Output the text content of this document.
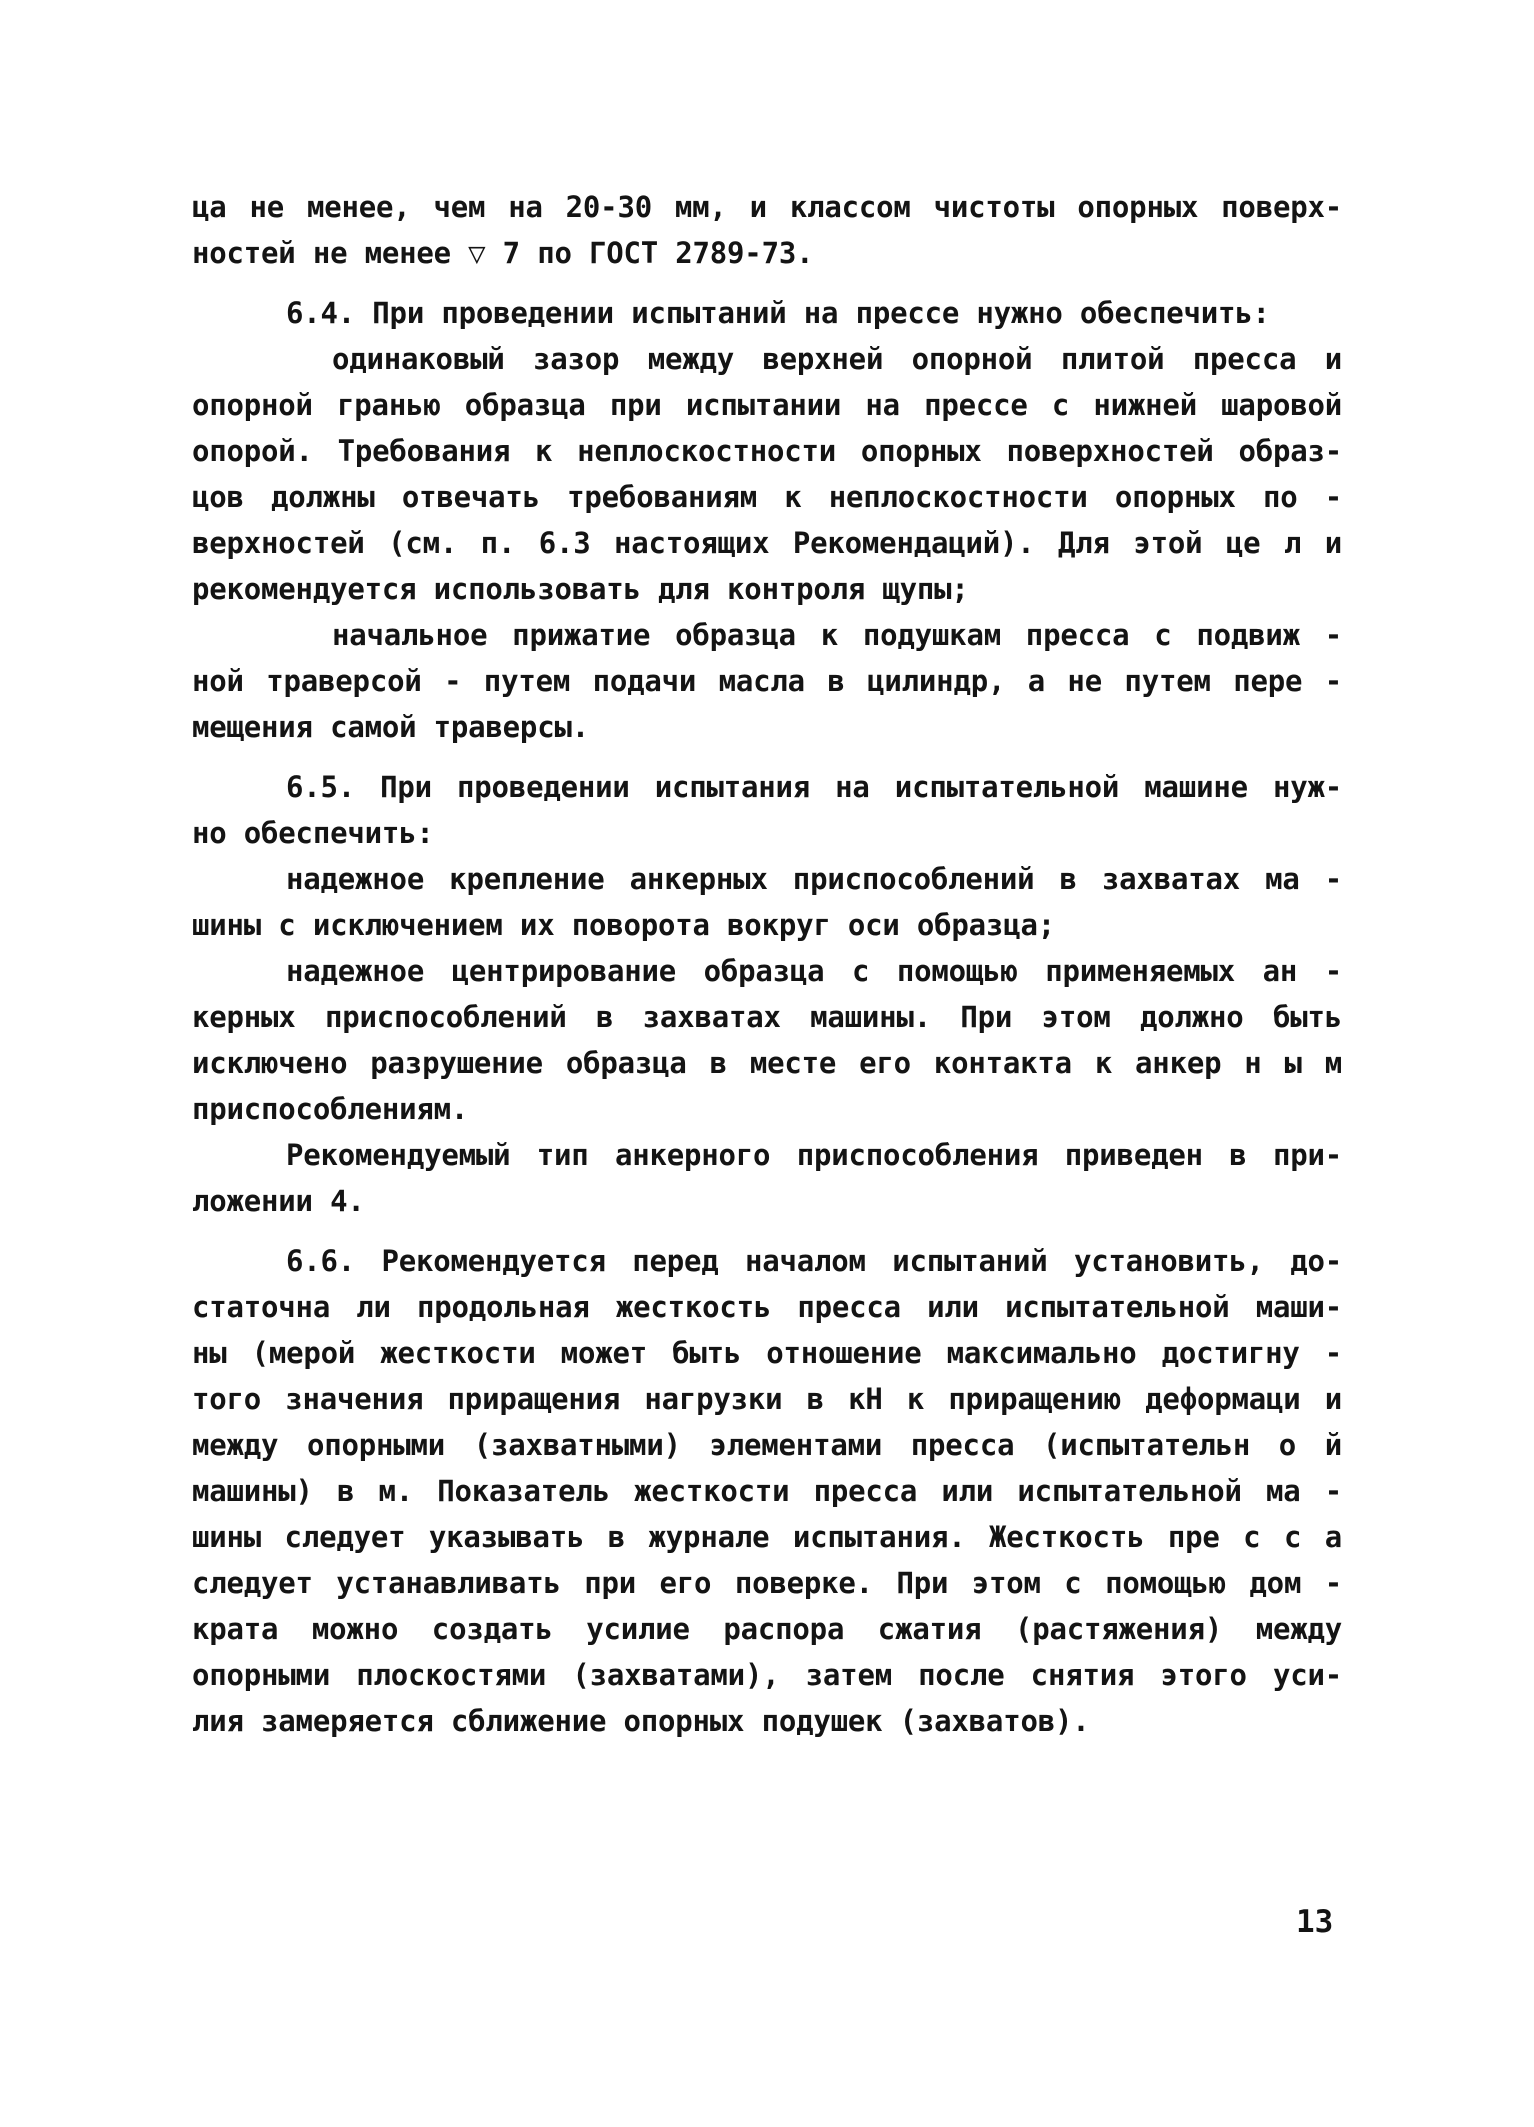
ца не менее, чем на 20-30 мм, и классом чистоты опорных поверх-
ностей не менее ▽ 7 по ГОСТ 2789-73.
6.4. При проведении испытаний на прессе нужно обеспечить:
одинаковый зазор между верхней опорной плитой пресса и
опорной гранью образца при испытании на прессе с нижней шаровой
опорой. Требования к неплоскостности опорных поверхностей образ-
цов должны отвечать требованиям к неплоскостности опорных по -
верхностей (см. п. 6.3 настоящих Рекомендаций). Для этой це л и
рекомендуется использовать для контроля щупы;
начальное прижатие образца к подушкам пресса с подвиж -
ной траверсой - путем подачи масла в цилиндр, а не путем пере -
мещения самой траверсы.
6.5. При проведении испытания на испытательной машине нуж-
но обеспечить:
надежное крепление анкерных приспособлений в захватах ма -
шины с исключением их поворота вокруг оси образца;
надежное центрирование образца с помощью применяемых ан -
керных приспособлений в захватах машины. При этом должно быть
исключено разрушение образца в месте его контакта к анкер н ы м
приспособлениям.
Рекомендуемый тип анкерного приспособления приведен в при-
ложении 4.
6.6. Рекомендуется перед началом испытаний установить, до-
статочна ли продольная жесткость пресса или испытательной маши-
ны (мерой жесткости может быть отношение максимально достигну -
того значения приращения нагрузки в кН к приращению деформаци и
между опорными (захватными) элементами пресса (испытательн о й
машины) в м. Показатель жесткости пресса или испытательной ма -
шины следует указывать в журнале испытания. Жесткость пре с с а
следует устанавливать при его поверке. При этом с помощью дом -
крата можно создать усилие распора сжатия (растяжения) между
опорными плоскостями (захватами), затем после снятия этого уси-
лия замеряется сближение опорных подушек (захватов).
13
